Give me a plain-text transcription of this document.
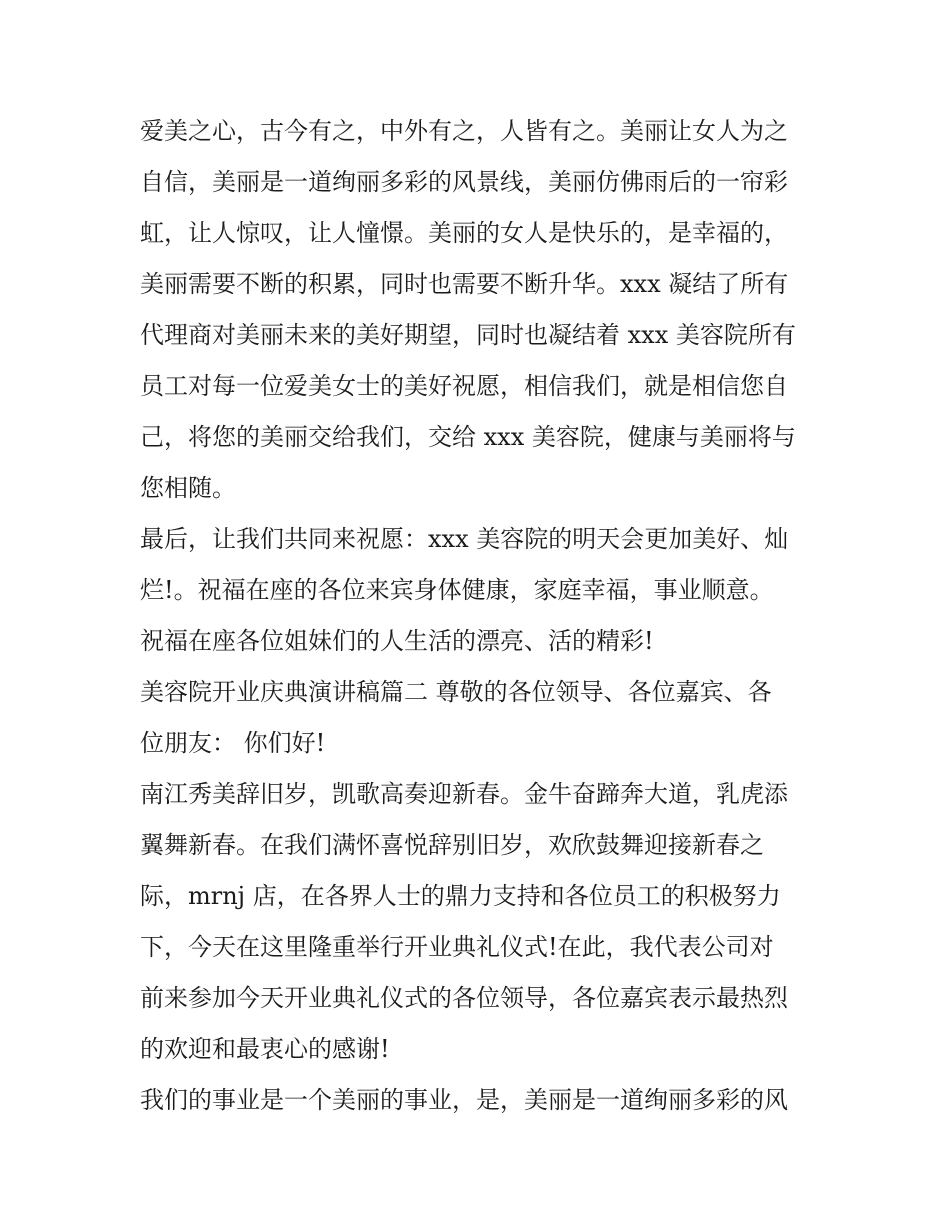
爱美之心，古今有之，中外有之，人皆有之。美丽让女人为之
自信，美丽是一道绚丽多彩的风景线，美丽仿佛雨后的一帘彩
虹，让人惊叹，让人憧憬。美丽的女人是快乐的，是幸福的，
美丽需要不断的积累，同时也需要不断升华。xxx 凝结了所有
代理商对美丽未来的美好期望，同时也凝结着 xxx 美容院所有
员工对每一位爱美女士的美好祝愿，相信我们，就是相信您自
己，将您的美丽交给我们，交给 xxx 美容院，健康与美丽将与
您相随。
最后，让我们共同来祝愿：xxx 美容院的明天会更加美好、灿
烂!。祝福在座的各位来宾身体健康，家庭幸福，事业顺意。
祝福在座各位姐妹们的人生活的漂亮、活的精彩!
美容院开业庆典演讲稿篇二 尊敬的各位领导、各位嘉宾、各
位朋友： 你们好!
南江秀美辞旧岁，凯歌高奏迎新春。金牛奋蹄奔大道，乳虎添
翼舞新春。在我们满怀喜悦辞别旧岁，欢欣鼓舞迎接新春之
际，mrnj 店，在各界人士的鼎力支持和各位员工的积极努力
下，今天在这里隆重举行开业典礼仪式!在此，我代表公司对
前来参加今天开业典礼仪式的各位领导，各位嘉宾表示最热烈
的欢迎和最衷心的感谢!
我们的事业是一个美丽的事业，是，美丽是一道绚丽多彩的风
